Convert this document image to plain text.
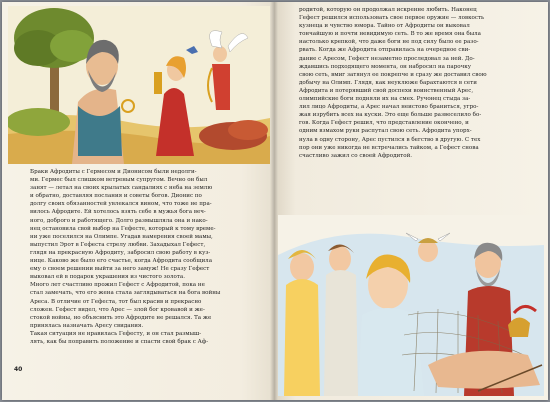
Браки Афродиты с Гермесом и Дионисом были недолги-
ми. Гермес был слишком ветреным супругом. Вечно он был
занят — летал на своих крылатых сандалиях с неба на землю
и обратно, доставляя послания и советы богов. Дионис по
долгу своих обязанностей увлекался вином, что тоже не пра-
вилось Афродите. Ей хотелось взять себе в мужья бога веч-
ного, доброго и работящего. Долго размышляла она и нако-
нец остановила свой выбор на Гефесте, который к тому време-
ни уже поселился на Олимпе. Угадав намерения своей мамы,
выпустил Эрот в Гефеста стрелу любви. Захадыхал Гефест,
глядя на прекрасную Афродиту, забросил свою работу в куз-
нице. Каково же было его счастье, когда Афродита сообщила
ему о своем решении выйти за него замуж! Не сразу Гефест
выковал ей в подарок украшения из чистого золота.
Много лет счастливо прожил Гефест с Афродитой, пока не
стал замечать, что его жена стала заглядываться на бога войны
Ареса. В отличие от Гефеста, тот был красив и прекрасно
сложен. Гефест видел, что Арес — злой бог кровавой и же-
стокой войны, но объяснить это Афродите не решался. Та же
принялась назначать Аресу свидания.
Такая ситуация не нравилась Гефесту, и он стал размыш-
лять, как бы поправить положение и спасти свой брак с Аф-
40
родитой, которую он продолжал искренне любить. Наконец
Гефест решился использовать свое первое оружие — ловкость
кузнеца и чувство юмора. Тайно от Афродиты он выковал
тончайшую и почти невидимую сеть. В то же время она была
настолько крепкой, что даже боги не под силу было ее разо-
рвать. Когда же Афродита отправилась на очередное сви-
дание с Аресом, Гефест незаметно проследовал за ней. До-
ждавшись подходящего момента, он набросил на парочку
свою сеть, вмиг затянул ее покрепче и сразу же доставил свою
добычу на Олимп. Глядя, как неуклюже барахтаются в сети
Афродита и потерявший свой доспехи воинственный Арес,
олимпийские боги подняли их на смех. Ручонец стыда за-
лил лицо Афродиты, а Арес начал неистово браниться, угро-
жая изрубить всех на куски. Это еще больше развеселило бо-
гов. Когда Гефест решил, что представление окончено, и
одним взмахом руки распутал свою сеть. Афродита упорх-
нула в одну сторону, Арес пустился в бегство в другую. С тех
пор они уже никогда не встречались тайком, а Гефест снова
счастливо зажил со своей Афродитой.
